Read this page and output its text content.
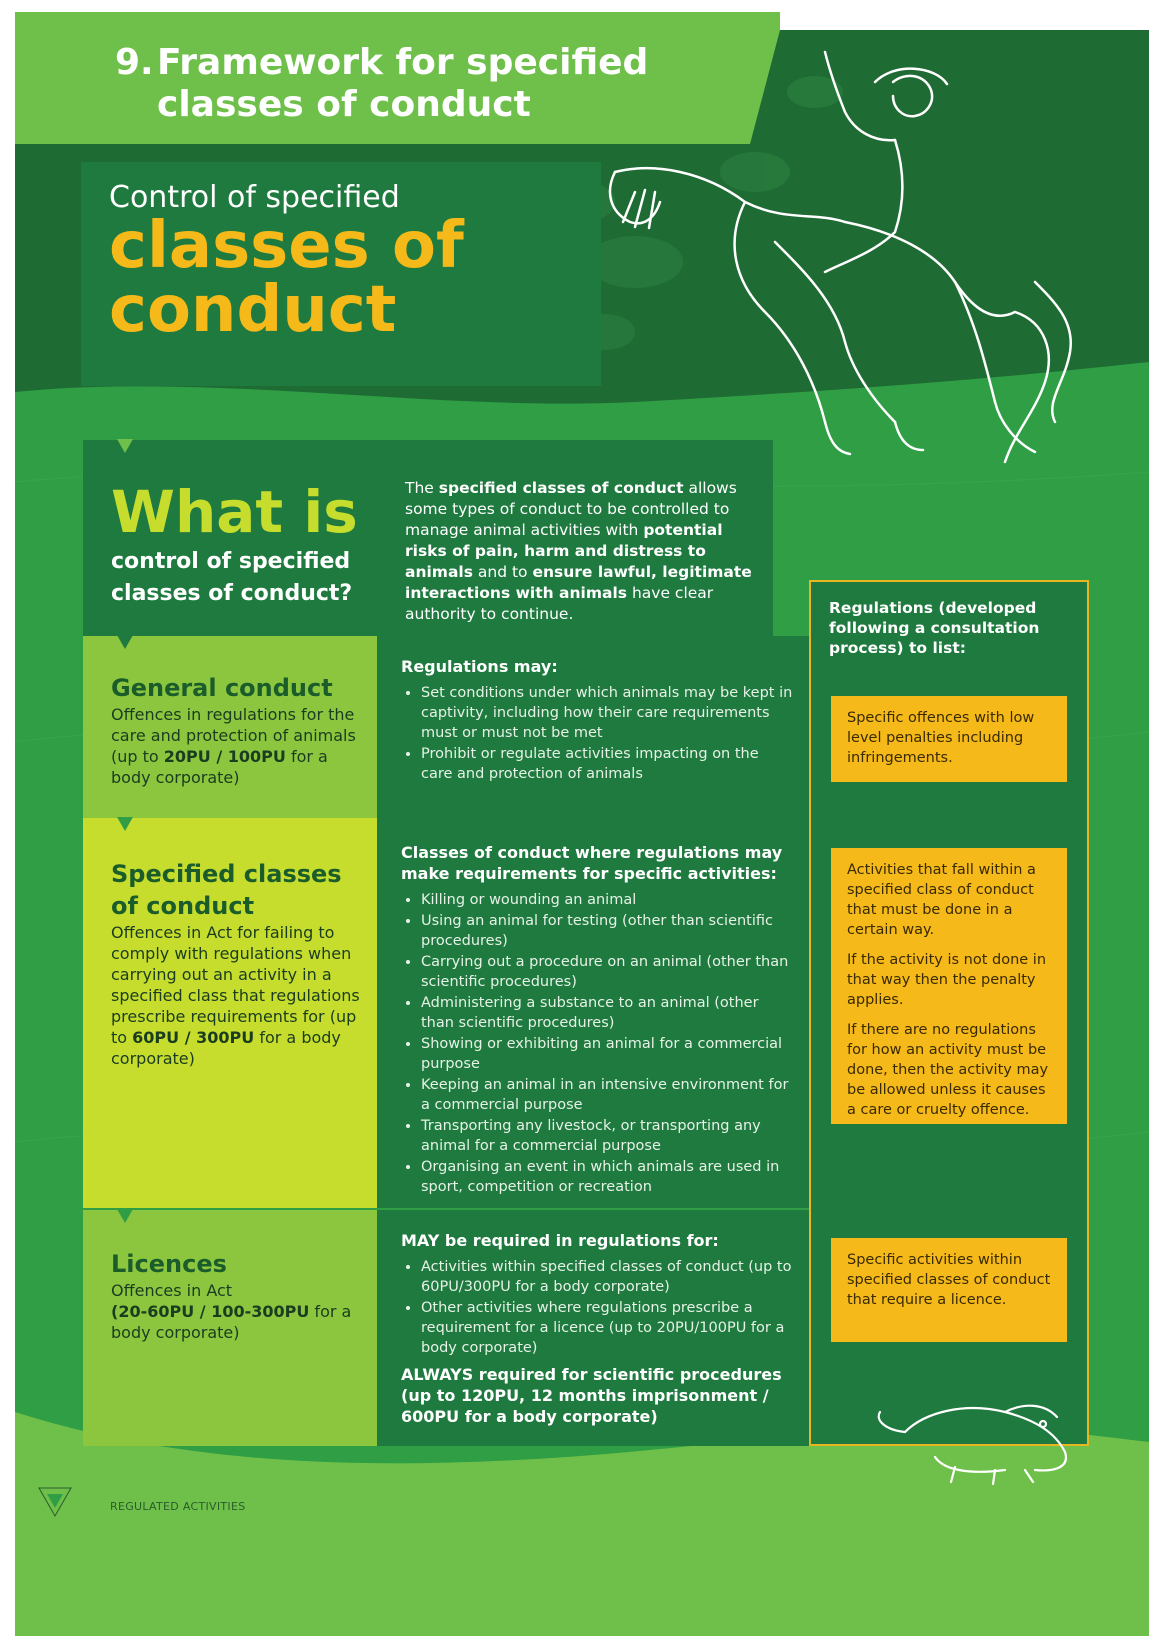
9.Framework for specified
classes of conduct
Control of specified
classes of
conduct
What is
control of specified classes of conduct?
The specified classes of conduct allows some types of conduct to be controlled to manage animal activities with potential risks of pain, harm and distress to animals and to ensure lawful, legitimate interactions with animals have clear authority to continue.	Regulations (developed following a consultation process) to list:

Specific offences with low level penalties including infringements.

Activities that fall within a specified class of conduct that must be done in a certain way.

If the activity is not done in that way then the penalty applies.

If there are no regulations for how an activity must be done, then the activity may be allowed unless it causes a care or cruelty offence.

Specific activities within specified classes of conduct that require a licence.

General conduct
Offences in regulations for the care and protection of animals (up to 20PU / 100PU for a body corporate)
Regulations may:
• Set conditions under which animals may be kept in captivity, including how their care requirements must or must not be met
• Prohibit or regulate activities impacting on the care and protection of animals
Specified classes of conduct
Offences in Act for failing to comply with regulations when carrying out an activity in a specified class that regulations prescribe requirements for (up to 60PU / 300PU for a body corporate)
Classes of conduct where regulations may make requirements for specific activities:
• Killing or wounding an animal
• Using an animal for testing (other than scientific procedures)
• Carrying out a procedure on an animal (other than scientific procedures)
• Administering a substance to an animal (other than scientific procedures)
• Showing or exhibiting an animal for a commercial purpose
• Keeping an animal in an intensive environment for a commercial purpose
• Transporting any livestock, or transporting any animal for a commercial purpose
• Organising an event in which animals are used in sport, competition or recreation
Licences
Offences in Act
(20-60PU / 100-300PU for a body corporate)
MAY be required in regulations for:
• Activities within specified classes of conduct (up to 60PU/300PU for a body corporate)
• Other activities where regulations prescribe a requirement for a licence (up to 20PU/100PU for a body corporate)
ALWAYS required for scientific procedures (up to 120PU, 12 months imprisonment / 600PU for a body corporate)
REGULATED ACTIVITIES
